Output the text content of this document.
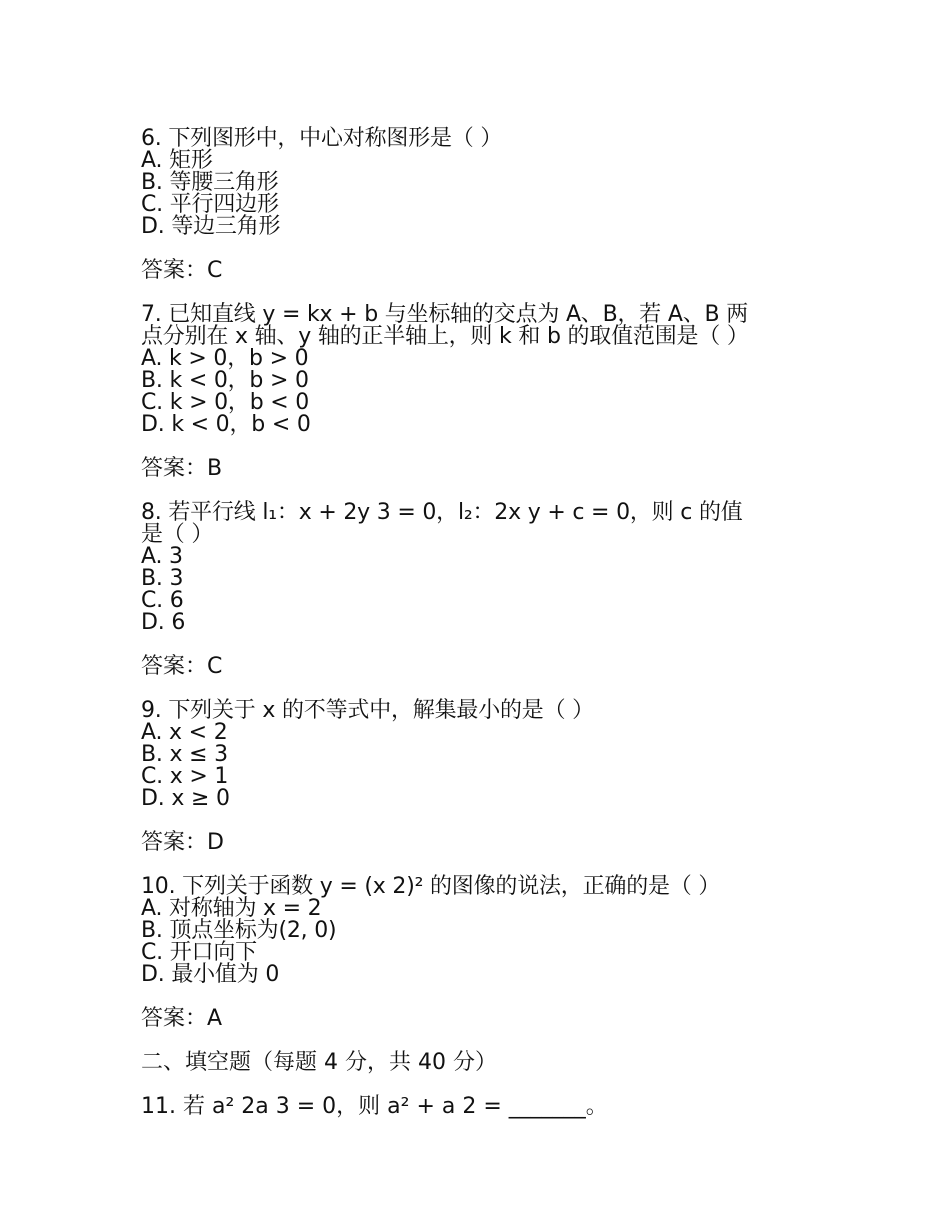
6. 下列图形中，中心对称图形是（ ）
A. 矩形
B. 等腰三角形
C. 平行四边形
D. 等边三角形
答案：C
7. 已知直线 y = kx + b 与坐标轴的交点为 A、B，若 A、B 两
点分别在 x 轴、y 轴的正半轴上，则 k 和 b 的取值范围是（ ）
A. k > 0，b > 0
B. k < 0，b > 0
C. k > 0，b < 0
D. k < 0，b < 0
答案：B
8. 若平行线 l₁：x + 2y 3 = 0，l₂：2x y + c = 0，则 c 的值
是（ ）
A. 3
B. 3
C. 6
D. 6
答案：C
9. 下列关于 x 的不等式中，解集最小的是（ ）
A. x < 2
B. x ≤ 3
C. x > 1
D. x ≥ 0
答案：D
10. 下列关于函数 y = (x 2)² 的图像的说法，正确的是（ ）
A. 对称轴为 x = 2
B. 顶点坐标为(2, 0)
C. 开口向下
D. 最小值为 0
答案：A
二、填空题（每题 4 分，共 40 分）
11. 若 a² 2a 3 = 0，则 a² + a 2 = _______。
